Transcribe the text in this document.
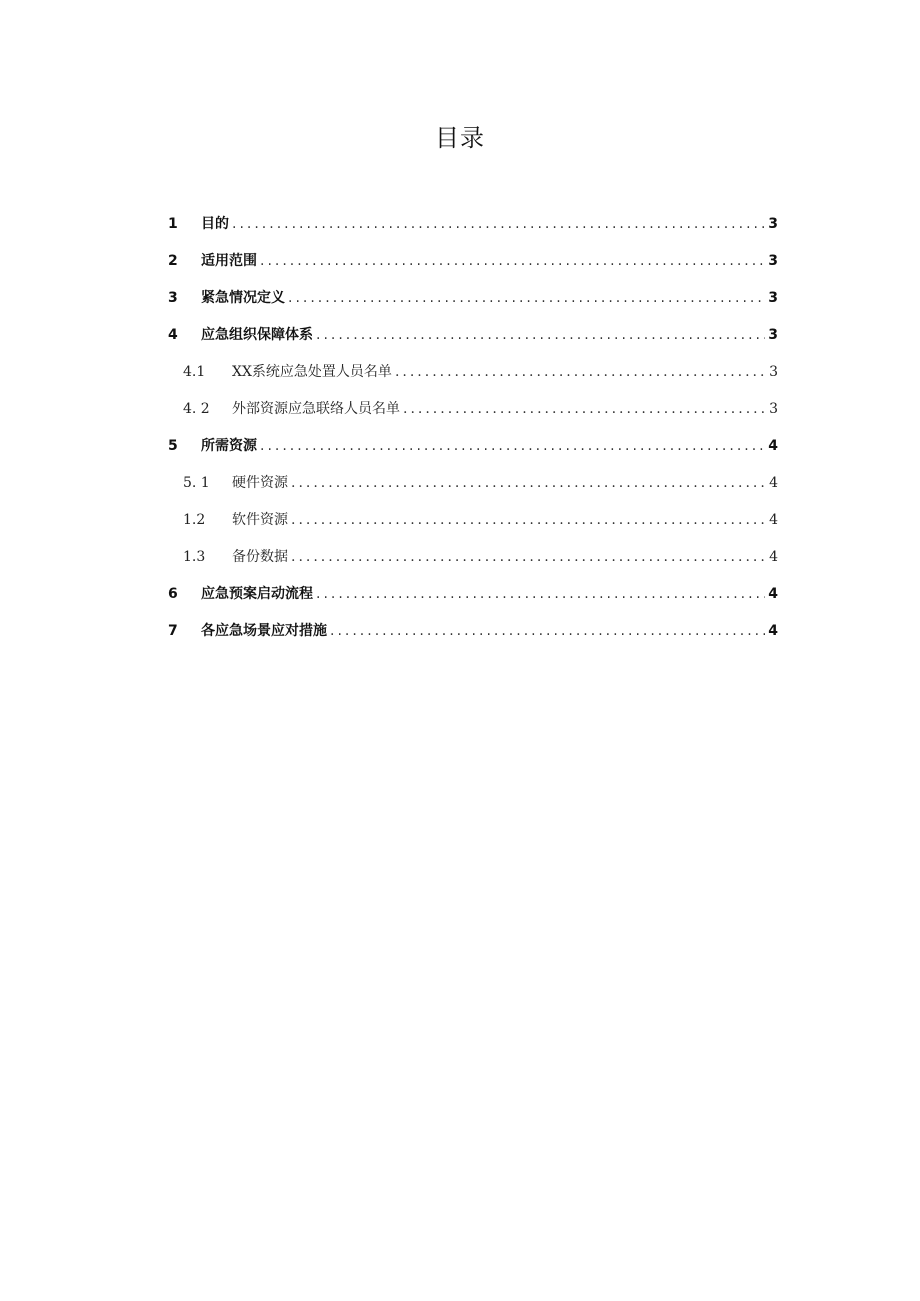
目录
1	目的 .....	3
2	适用范围 .....	3
3	紧急情况定义 .....	3
4	应急组织保障体系 .....	3
4.1	XX系统应急处置人员名单 .....	3
4. 2	外部资源应急联络人员名单 .....	3
5	所需资源 .....	4
5. 1	硬件资源 .....	4
1.2	软件资源 .....	4
1.3	备份数据 .....	4
6	应急预案启动流程 .....	4
7	各应急场景应对措施 .....	4
